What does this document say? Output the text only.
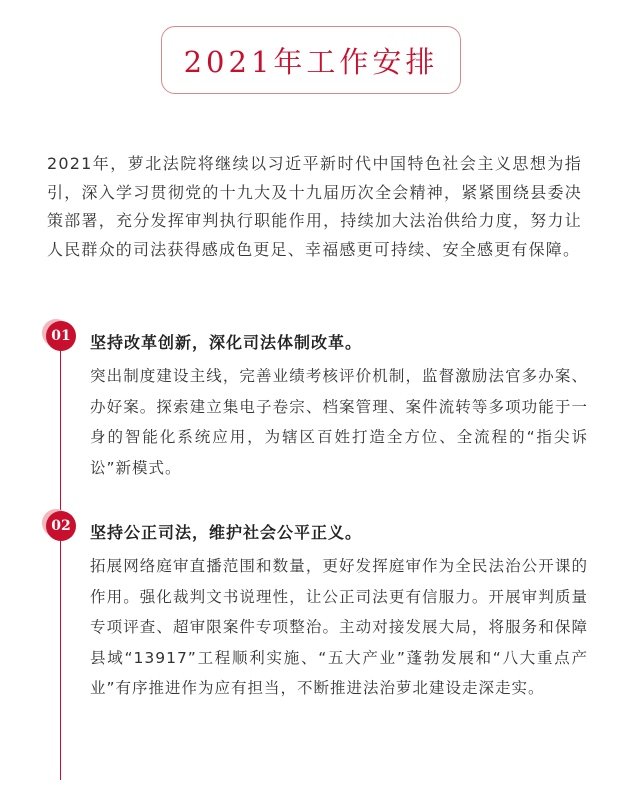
2021年工作安排

2021年，萝北法院将继续以习近平新时代中国特色社会主义思想为指引，深入学习贯彻党的十九大及十九届历次全会精神，紧紧围绕县委决策部署，充分发挥审判执行职能作用，持续加大法治供给力度，努力让人民群众的司法获得感成色更足、幸福感更可持续、安全感更有保障。

01	坚持改革创新，深化司法体制改革。

突出制度建设主线，完善业绩考核评价机制，监督激励法官多办案、办好案。探索建立集电子卷宗、档案管理、案件流转等多项功能于一身的智能化系统应用，为辖区百姓打造全方位、全流程的“指尖诉讼”新模式。

02	坚持公正司法，维护社会公平正义。

拓展网络庭审直播范围和数量，更好发挥庭审作为全民法治公开课的作用。强化裁判文书说理性，让公正司法更有信服力。开展审判质量专项评查、超审限案件专项整治。主动对接发展大局，将服务和保障县域“13917”工程顺利实施、“五大产业”蓬勃发展和“八大重点产业”有序推进作为应有担当，不断推进法治萝北建设走深走实。
